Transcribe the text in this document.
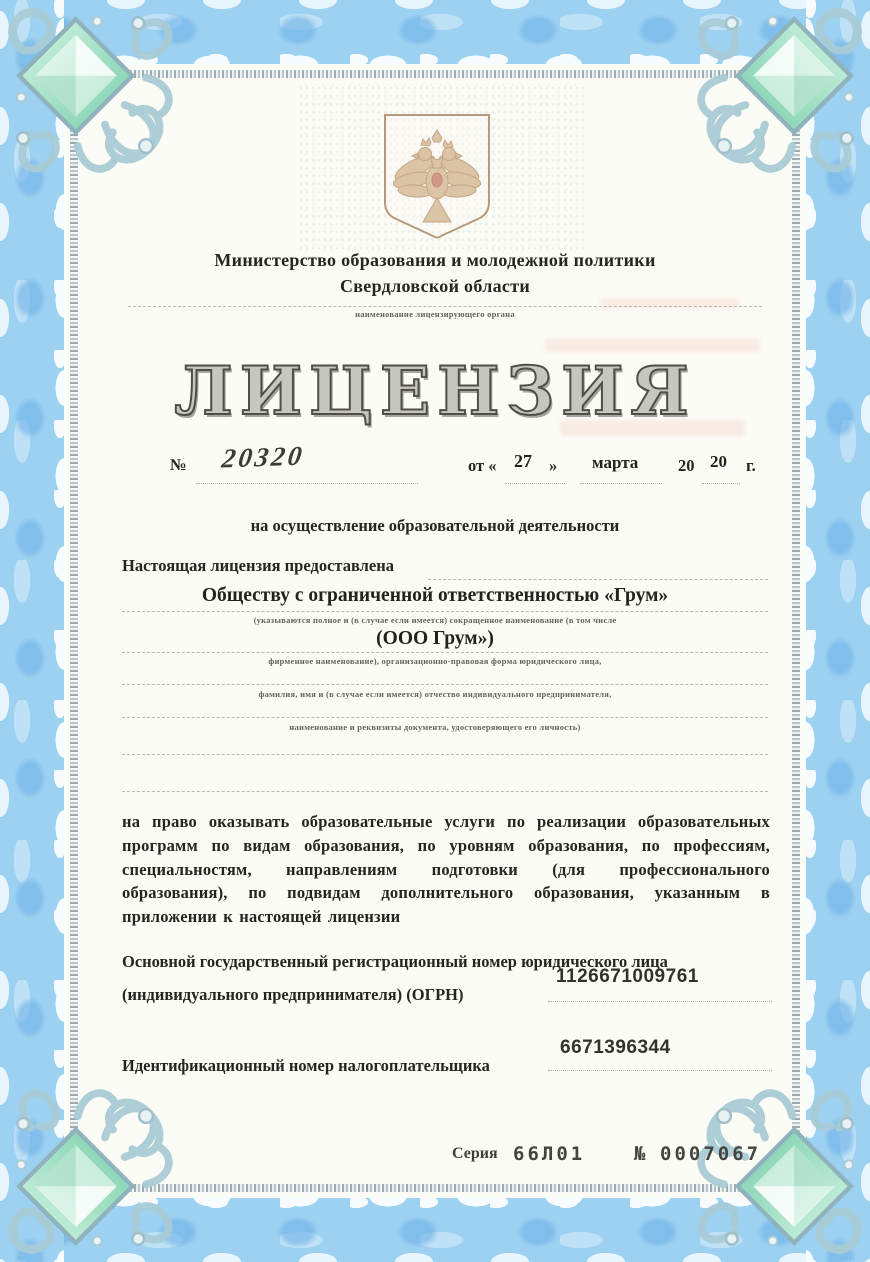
Министерство образования и молодежной политики
Свердловской области
наименование лицензирующего органа
ЛИЦЕНЗИЯ
№ 20320	от « 27 » марта 20 20 г.
на осуществление образовательной деятельности
Настоящая лицензия предоставлена
Обществу с ограниченной ответственностью «Грум»
(указываются полное и (в случае если имеется) сокращенное наименование (в том числе
(ООО Грум»)
фирменное наименование), организационно-правовая форма юридического лица,
фамилия, имя и (в случае если имеется) отчество индивидуального предпринимателя,
наименование и реквизиты документа, удостоверяющего его личность)
на право оказывать образовательные услуги по реализации образовательных программ по видам образования, по уровням образования, по профессиям, специальностям, направлениям подготовки (для профессионального образования), по подвидам дополнительного образования, указанным в приложении к настоящей лицензии
Основной государственный регистрационный номер юридического лица
(индивидуального предпринимателя) (ОГРН)
1126671009761
6671396344
Идентификационный номер налогоплательщика
Серия 66Л01	№ 0007067
